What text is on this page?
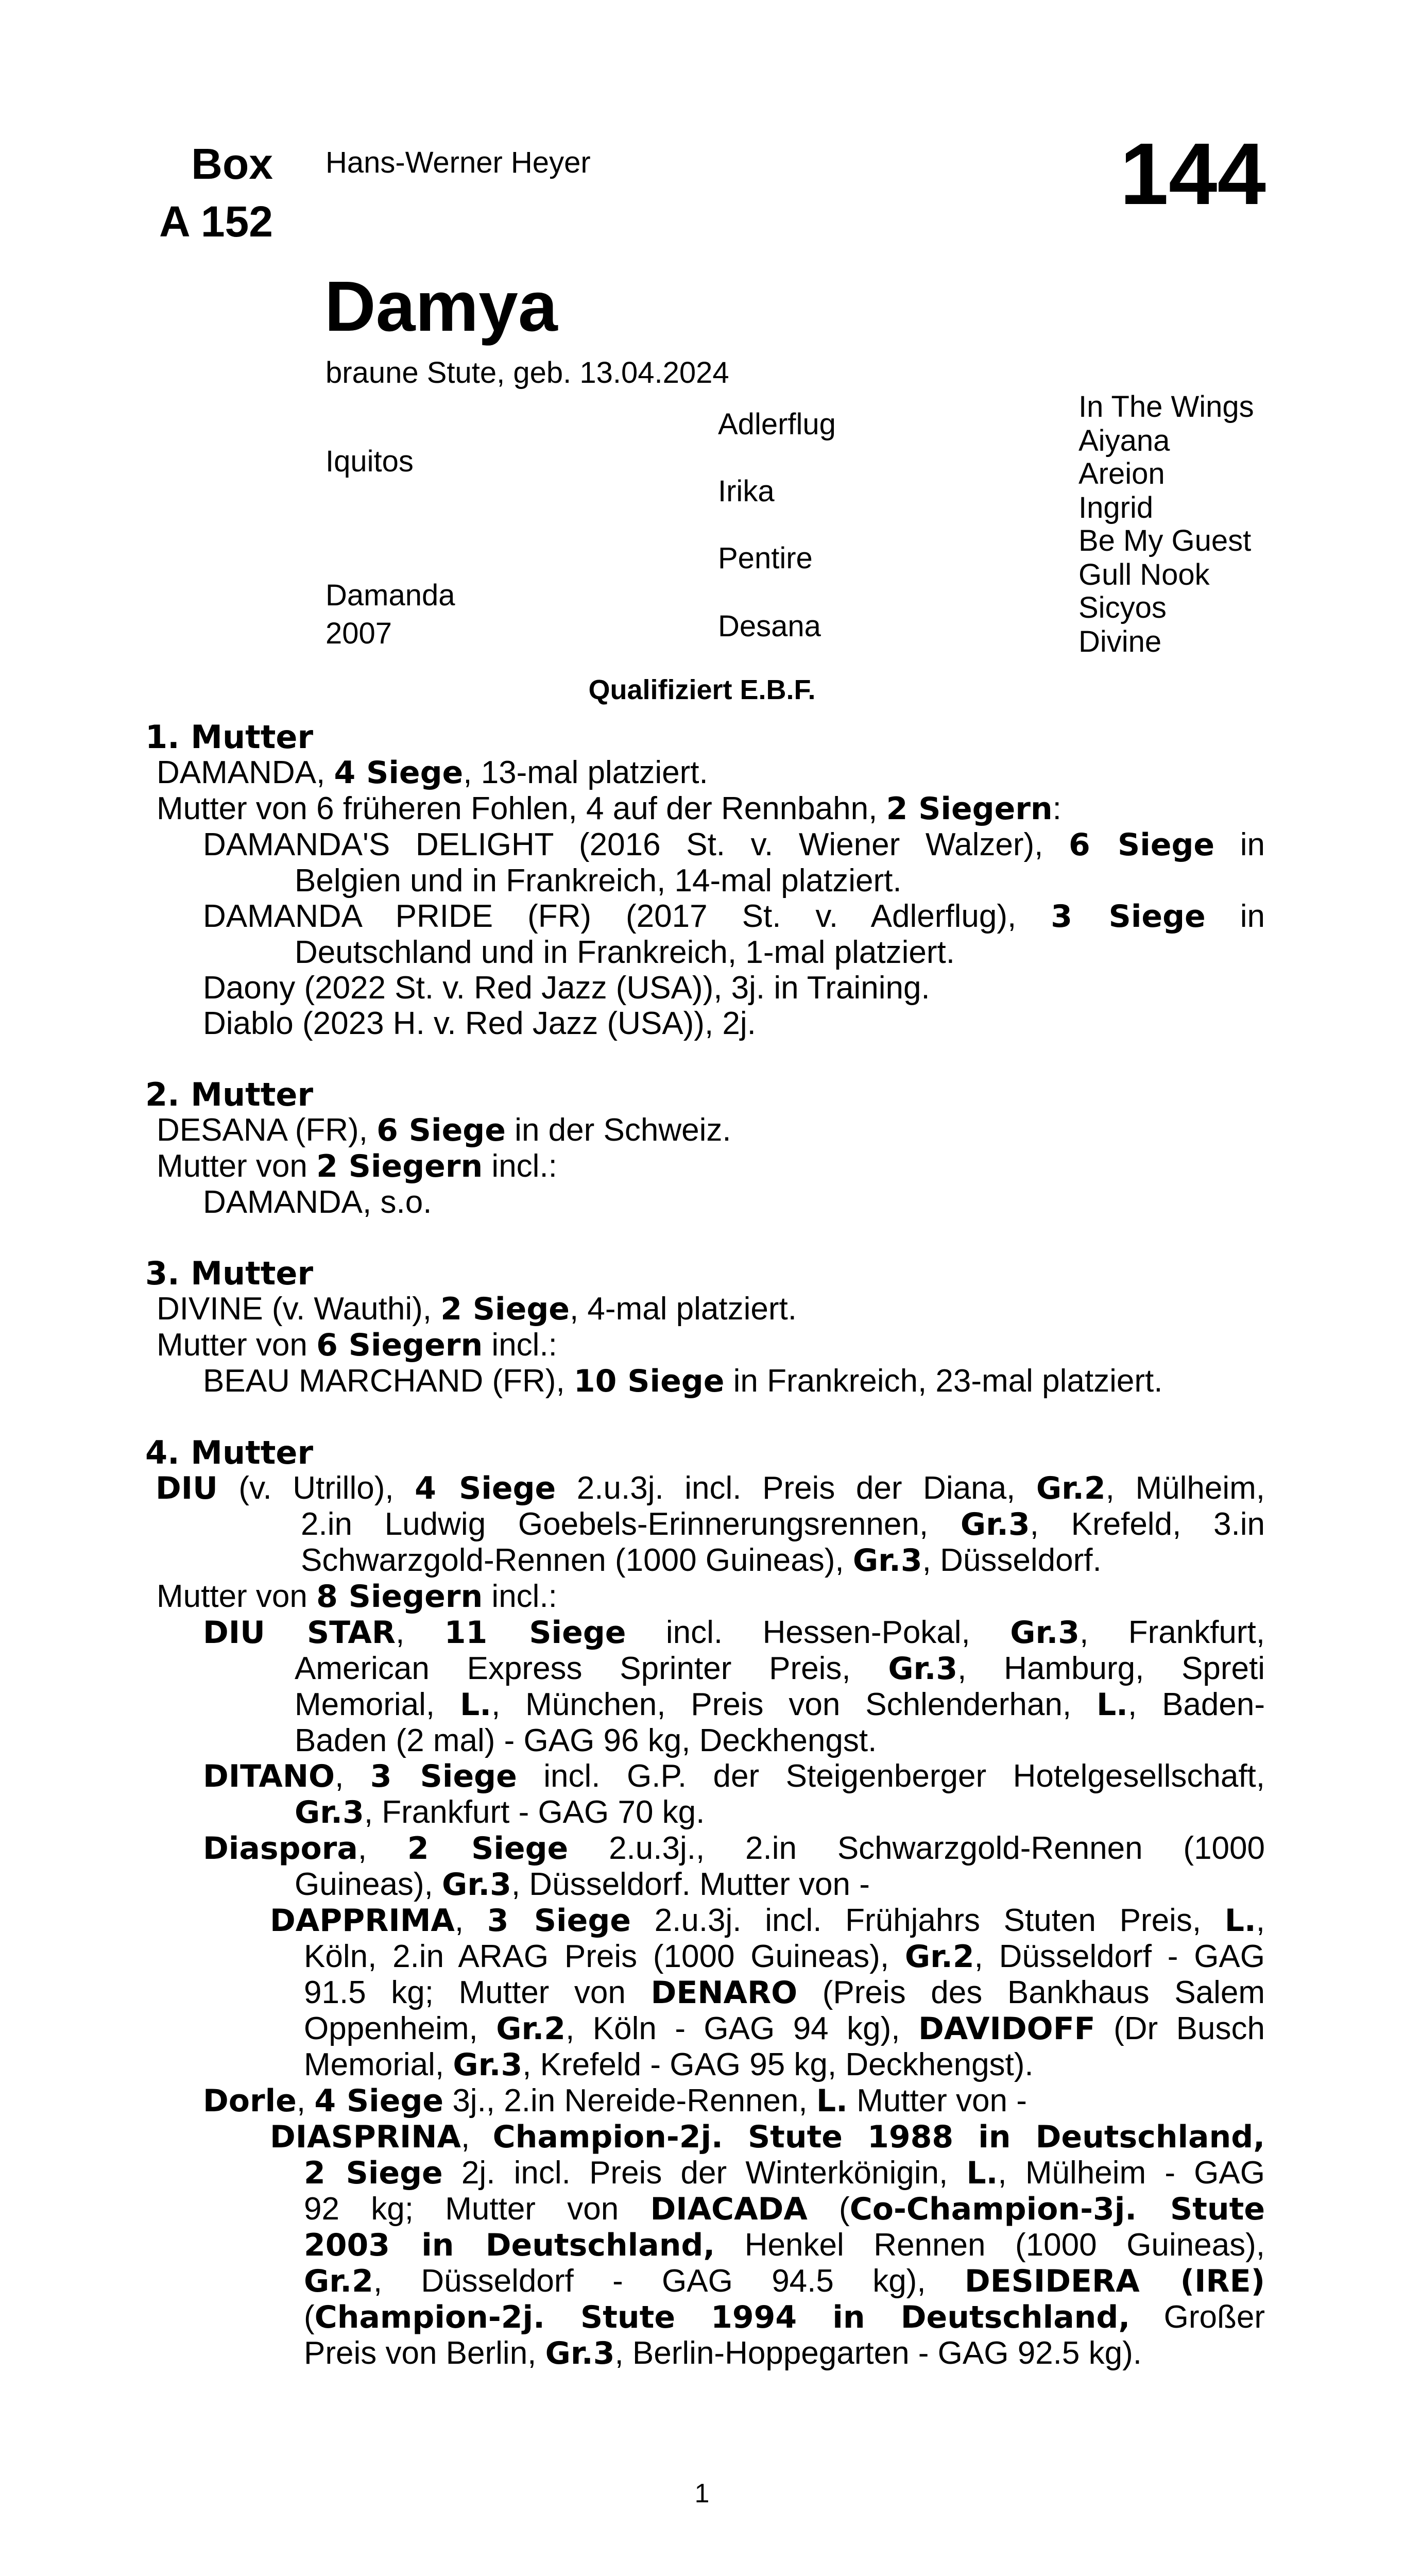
Box
A 152
Hans-Werner Heyer	144
Damya
braune Stute, geb. 13.04.2024
Iquitos
Damanda
2007
Adlerflug
Irika
Pentire
Desana
In The Wings
Aiyana
Areion
Ingrid
Be My Guest
Gull Nook
Sicyos
Divine
Qualifiziert E.B.F.
1. Mutter
DAMANDA, 4 Siege, 13-mal platziert.
Mutter von 6 früheren Fohlen, 4 auf der Rennbahn, 2 Siegern:
DAMANDA'S DELIGHT (2016 St. v. Wiener Walzer), 6 Siege in
Belgien und in Frankreich, 14-mal platziert.
DAMANDA PRIDE (FR) (2017 St. v. Adlerflug), 3 Siege in
Deutschland und in Frankreich, 1-mal platziert.
Daony (2022 St. v. Red Jazz (USA)), 3j. in Training.
Diablo (2023 H. v. Red Jazz (USA)), 2j.
2. Mutter
DESANA (FR), 6 Siege in der Schweiz.
Mutter von 2 Siegern incl.:
DAMANDA, s.o.
3. Mutter
DIVINE (v. Wauthi), 2 Siege, 4-mal platziert.
Mutter von 6 Siegern incl.:
BEAU MARCHAND (FR), 10 Siege in Frankreich, 23-mal platziert.
4. Mutter
DIU (v. Utrillo), 4 Siege 2.u.3j. incl. Preis der Diana, Gr.2, Mülheim,
2.in Ludwig Goebels-Erinnerungsrennen, Gr.3, Krefeld, 3.in
Schwarzgold-Rennen (1000 Guineas), Gr.3, Düsseldorf.
Mutter von 8 Siegern incl.:
DIU STAR, 11 Siege incl. Hessen-Pokal, Gr.3, Frankfurt,
American Express Sprinter Preis, Gr.3, Hamburg, Spreti
Memorial, L., München, Preis von Schlenderhan, L., Baden-
Baden (2 mal) - GAG 96 kg, Deckhengst.
DITANO, 3 Siege incl. G.P. der Steigenberger Hotelgesellschaft,
Gr.3, Frankfurt - GAG 70 kg.
Diaspora, 2 Siege 2.u.3j., 2.in Schwarzgold-Rennen (1000
Guineas), Gr.3, Düsseldorf. Mutter von -
DAPPRIMA, 3 Siege 2.u.3j. incl. Frühjahrs Stuten Preis, L.,
Köln, 2.in ARAG Preis (1000 Guineas), Gr.2, Düsseldorf - GAG
91.5 kg; Mutter von DENARO (Preis des Bankhaus Salem
Oppenheim, Gr.2, Köln - GAG 94 kg), DAVIDOFF (Dr Busch
Memorial, Gr.3, Krefeld - GAG 95 kg, Deckhengst).
Dorle, 4 Siege 3j., 2.in Nereide-Rennen, L. Mutter von -
DIASPRINA, Champion-2j. Stute 1988 in Deutschland,
2 Siege 2j. incl. Preis der Winterkönigin, L., Mülheim - GAG
92 kg; Mutter von DIACADA (Co-Champion-3j. Stute
2003 in Deutschland, Henkel Rennen (1000 Guineas),
Gr.2, Düsseldorf - GAG 94.5 kg), DESIDERA (IRE)
(Champion-2j. Stute 1994 in Deutschland, Großer
Preis von Berlin, Gr.3, Berlin-Hoppegarten - GAG 92.5 kg).
1
